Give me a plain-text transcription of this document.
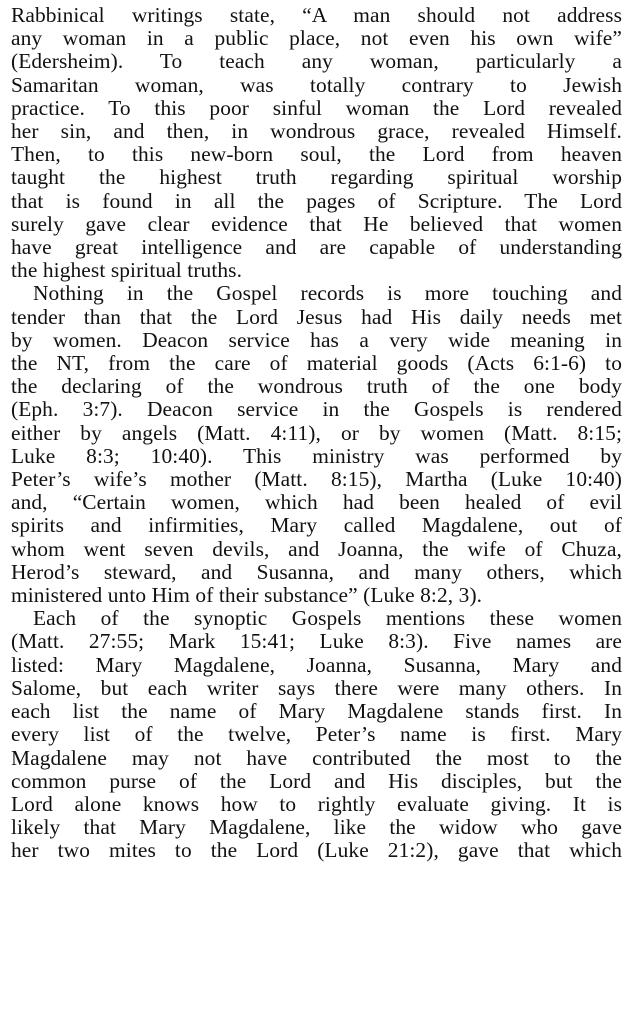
Rabbinical writings state, “A man should not address
any woman in a public place, not even his own wife”
(Edersheim). To teach any woman, particularly a
Samaritan woman, was totally contrary to Jewish
practice. To this poor sinful woman the Lord revealed
her sin, and then, in wondrous grace, revealed Himself.
Then, to this new-born soul, the Lord from heaven
taught the highest truth regarding spiritual worship
that is found in all the pages of Scripture. The Lord
surely gave clear evidence that He believed that women
have great intelligence and are capable of understanding
the highest spiritual truths.
Nothing in the Gospel records is more touching and
tender than that the Lord Jesus had His daily needs met
by women. Deacon service has a very wide meaning in
the NT, from the care of material goods (Acts 6:1-6) to
the declaring of the wondrous truth of the one body
(Eph. 3:7). Deacon service in the Gospels is rendered
either by angels (Matt. 4:11), or by women (Matt. 8:15;
Luke 8:3; 10:40). This ministry was performed by
Peter’s wife’s mother (Matt. 8:15), Martha (Luke 10:40)
and, “Certain women, which had been healed of evil
spirits and infirmities, Mary called Magdalene, out of
whom went seven devils, and Joanna, the wife of Chuza,
Herod’s steward, and Susanna, and many others, which
ministered unto Him of their substance” (Luke 8:2, 3).
Each of the synoptic Gospels mentions these women
(Matt. 27:55; Mark 15:41; Luke 8:3). Five names are
listed: Mary Magdalene, Joanna, Susanna, Mary and
Salome, but each writer says there were many others. In
each list the name of Mary Magdalene stands first. In
every list of the twelve, Peter’s name is first. Mary
Magdalene may not have contributed the most to the
common purse of the Lord and His disciples, but the
Lord alone knows how to rightly evaluate giving. It is
likely that Mary Magdalene, like the widow who gave
her two mites to the Lord (Luke 21:2), gave that which
